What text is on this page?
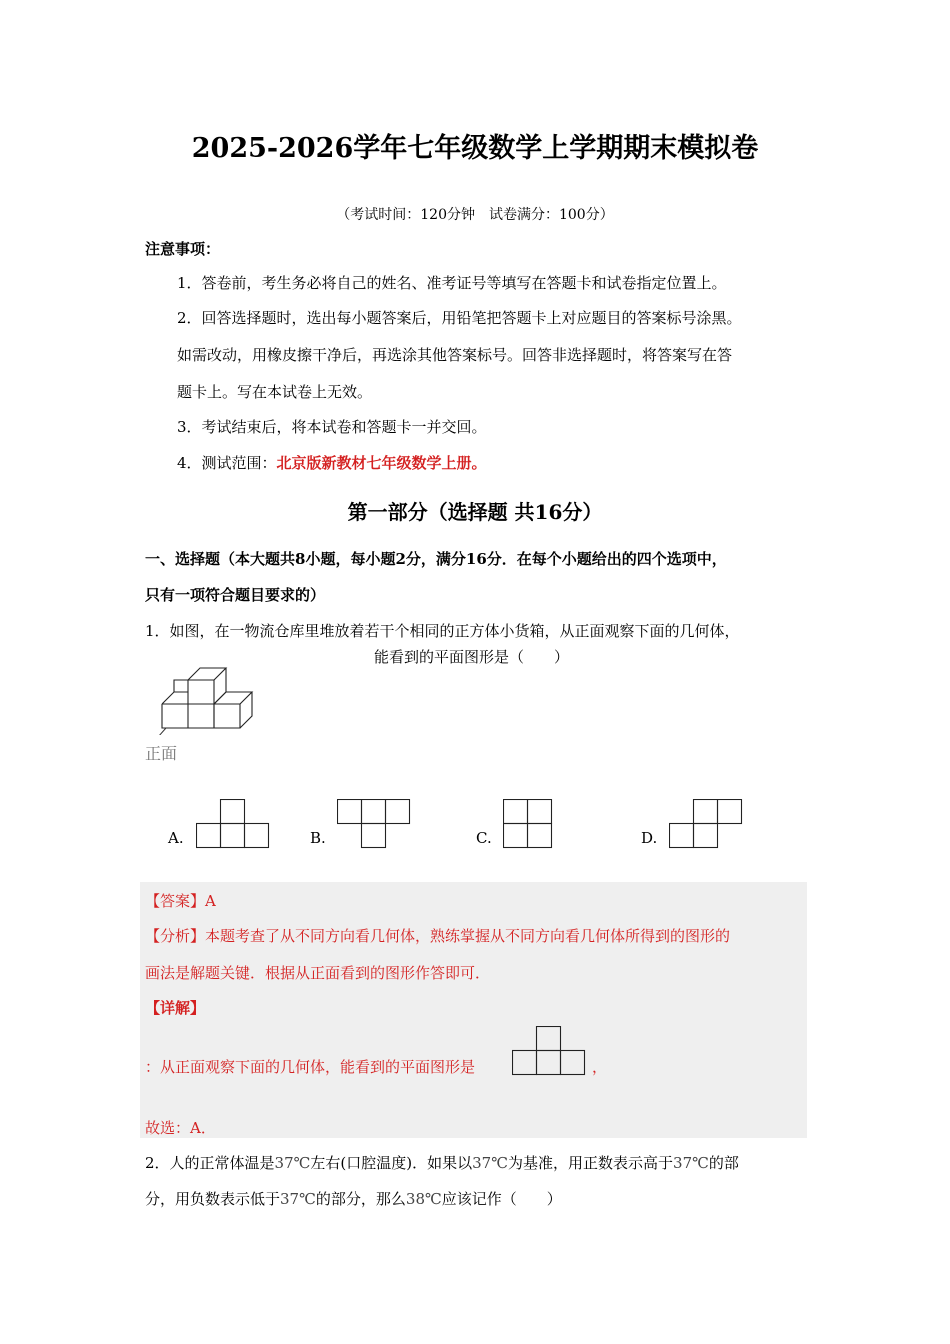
2025-2026学年七年级数学上学期期末模拟卷
（考试时间：120分钟　试卷满分：100分）
注意事项：
1．答卷前，考生务必将自己的姓名、准考证号等填写在答题卡和试卷指定位置上。
2．回答选择题时，选出每小题答案后，用铅笔把答题卡上对应题目的答案标号涂黑。
如需改动，用橡皮擦干净后，再选涂其他答案标号。回答非选择题时，将答案写在答
题卡上。写在本试卷上无效。
3．考试结束后，将本试卷和答题卡一并交回。
4．测试范围：北京版新教材七年级数学上册。
第一部分（选择题 共16分）
一、选择题（本大题共8小题，每小题2分，满分16分．在每个小题给出的四个选项中，
只有一项符合题目要求的）
1．如图，在一物流仓库里堆放着若干个相同的正方体小货箱，从正面观察下面的几何体，
能看到的平面图形是（　　）
正面
A.	B.	C.	D.
【答案】A
【分析】本题考查了从不同方向看几何体，熟练掌握从不同方向看几何体所得到的图形的
画法是解题关键．根据从正面看到的图形作答即可．
【详解】
：从正面观察下面的几何体，能看到的平面图形是	，
故选：A．
2．人的正常体温是37℃左右(口腔温度)．如果以37℃为基准，用正数表示高于37℃的部
分，用负数表示低于37℃的部分，那么38℃应该记作（　　）
